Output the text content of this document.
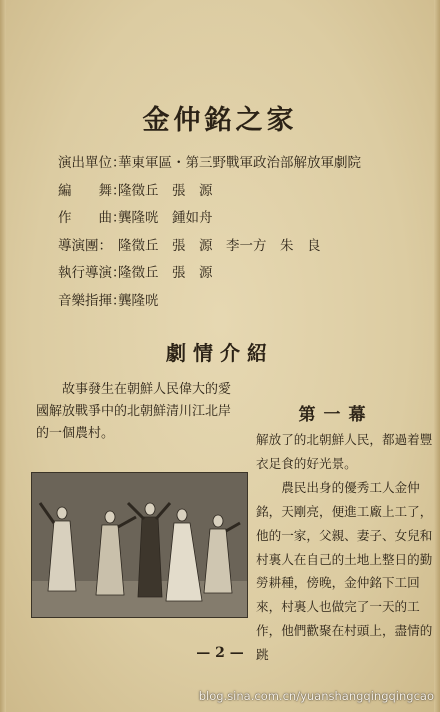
金仲銘之家
演出單位：華東軍區・第三野戰軍政治部解放軍劇院
編　　舞：隆徵丘　張　源
作　　曲：龔隆咣　鍾如舟
導演團： 隆徵丘　張　源　李一方　朱　良
執行導演：隆徵丘　張　源
音樂指揮：龔隆咣
劇情介紹
故事發生在朝鮮人民偉大的愛國解放戰爭中的北朝鮮清川江北岸的一個農村。
第一幕

解放了的北朝鮮人民，都過着豐衣足食的好光景。

農民出身的優秀工人金仲銘，天剛亮，便進工廠上工了，他的一家，父親、妻子、女兒和村裏人在自己的土地上整日的勤勞耕種，傍晚，金仲銘下工回來，村裏人也做完了一天的工作，他們歡聚在村頭上，盡情的跳

— 2 —
blog.sina.com.cn/yuanshangqingqingcao
